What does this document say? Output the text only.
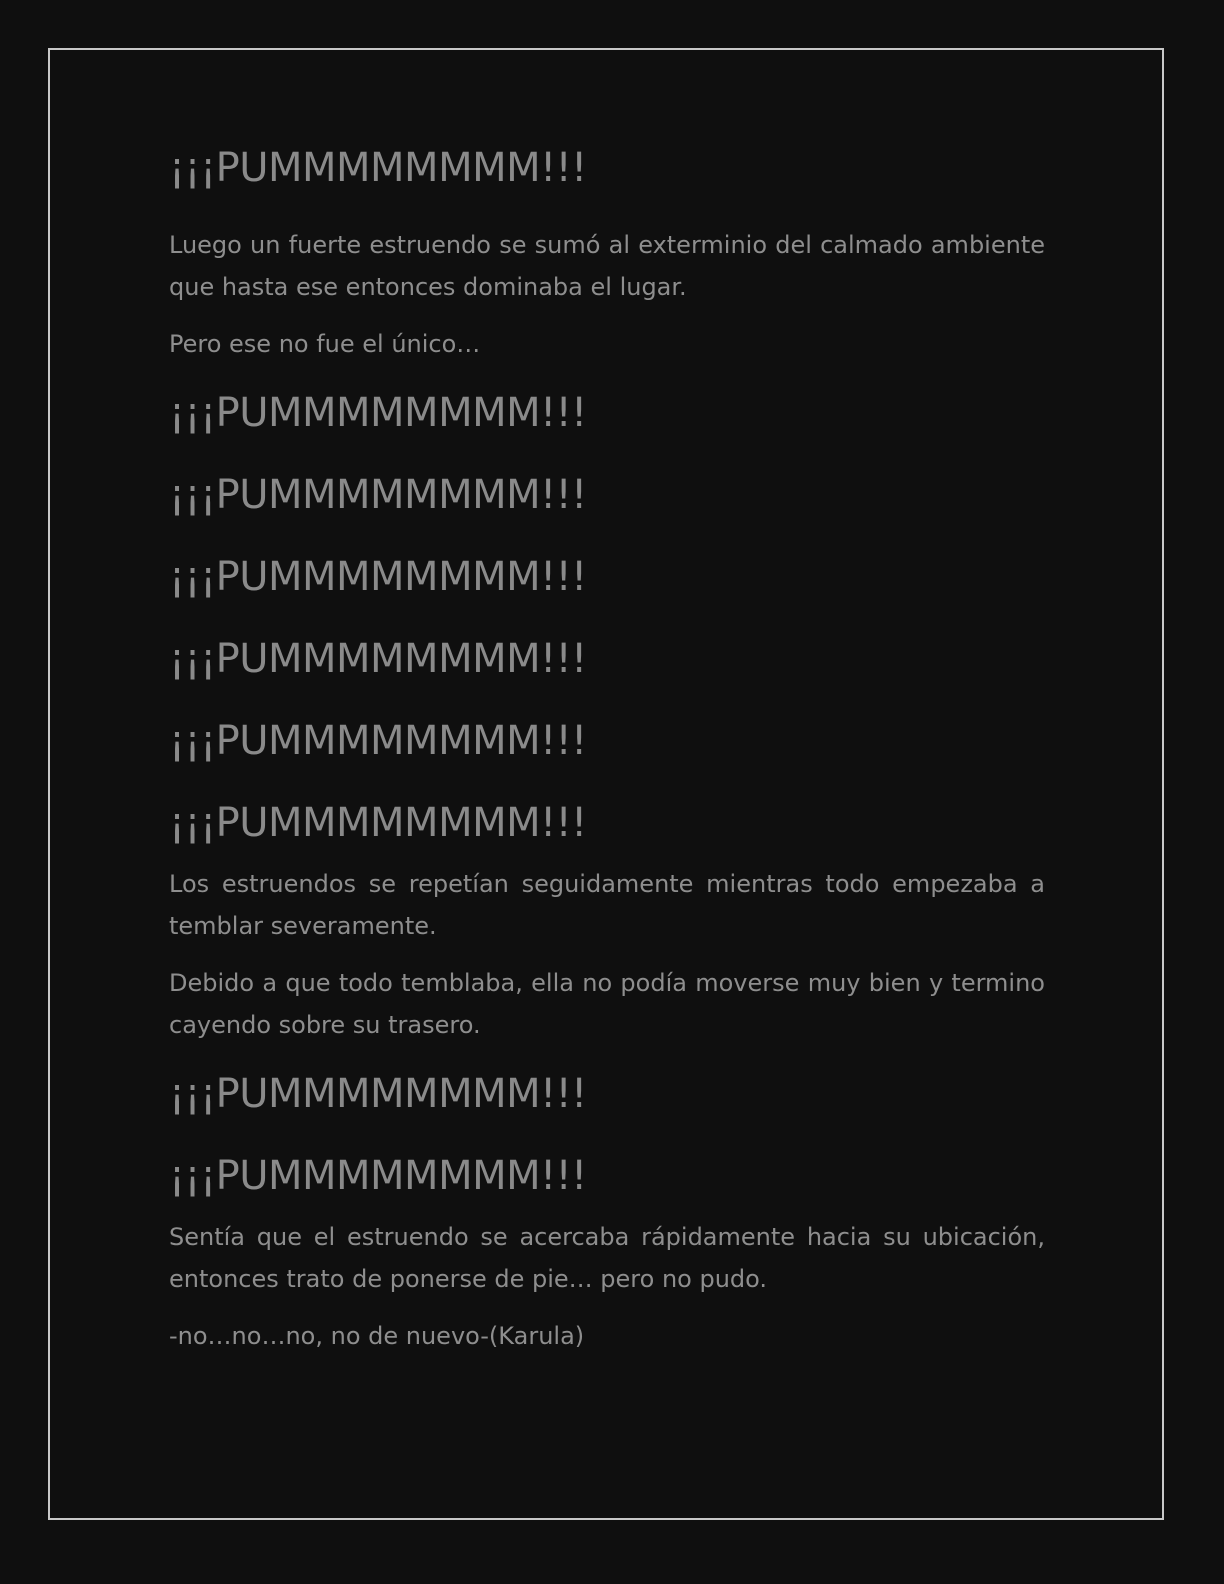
¡¡¡PUMMMMMMMM!!!
Luego un fuerte estruendo se sumó al exterminio del calmado ambiente que hasta ese entonces dominaba el lugar.
Pero ese no fue el único…
¡¡¡PUMMMMMMMM!!!
¡¡¡PUMMMMMMMM!!!
¡¡¡PUMMMMMMMM!!!
¡¡¡PUMMMMMMMM!!!
¡¡¡PUMMMMMMMM!!!
¡¡¡PUMMMMMMMM!!!
Los estruendos se repetían seguidamente mientras todo empezaba a temblar severamente.
Debido a que todo temblaba, ella no podía moverse muy bien y termino cayendo sobre su trasero.
¡¡¡PUMMMMMMMM!!!
¡¡¡PUMMMMMMMM!!!
Sentía que el estruendo se acercaba rápidamente hacia su ubicación, entonces trato de ponerse de pie… pero no pudo.
-no…no…no, no de nuevo-(Karula)
